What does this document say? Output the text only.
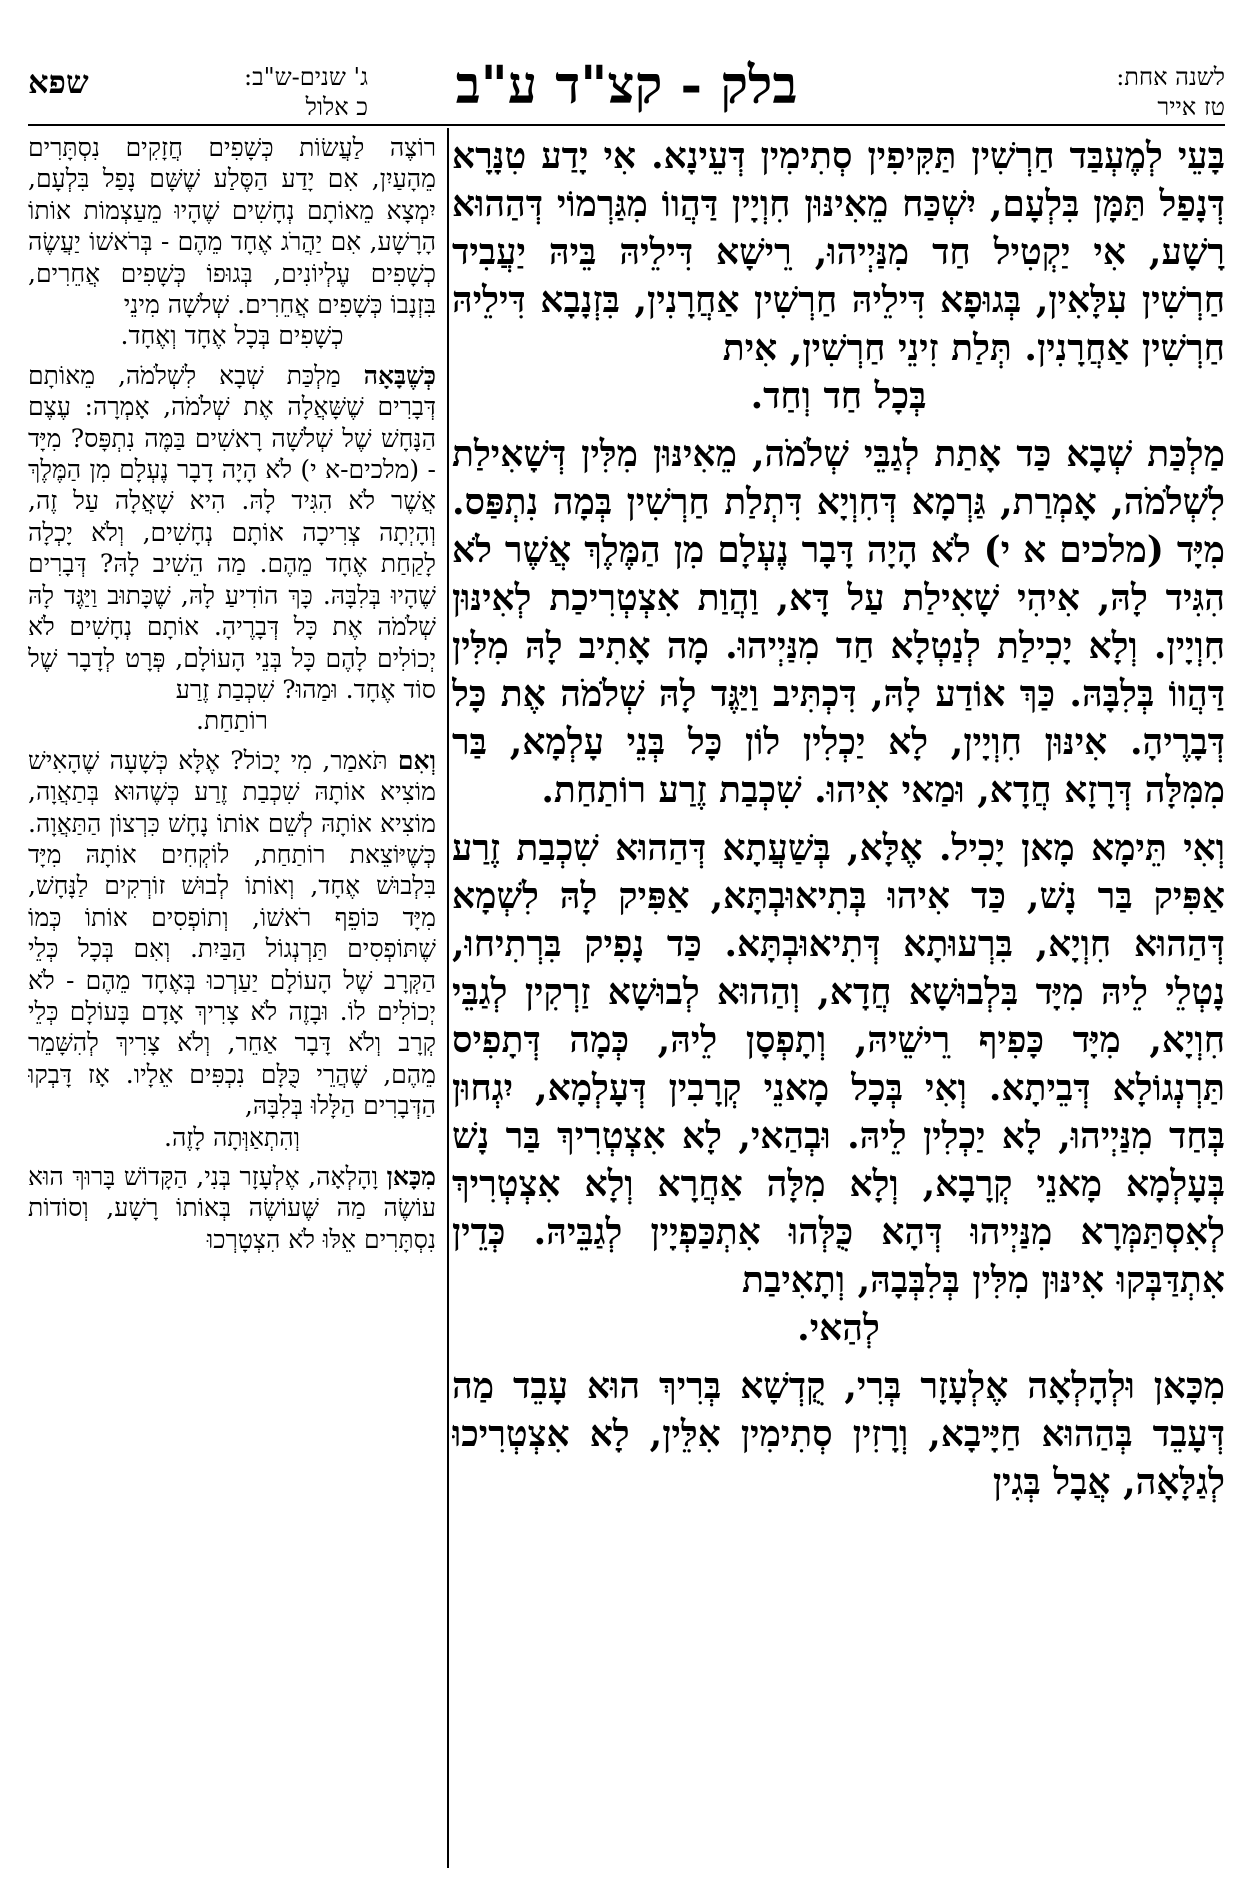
לשנה אחת:
טז אייר
בלק - קצ"ד ע"ב
ג' שנים-ש"ב:
כ אלול
שפא

בָּעֵי לְמֶעְבַּד חַרְשִׁין תַּקִּיפִין סְתִימִין דְּעֵינָא. אִי יָדַע טִנָּרָא דְּנָפַל תַּמָּן בִּלְעָם, יִשְׁכַּח מֵאִינּוּן חִוְיָין דַּהֲווֹ מִגַּרְמוֹי דְּהַהוּא רָשָׁע, אִי יַקְטִיל חַד מִנַּיְיהוּ, רֵישָׁא דִּילֵיהּ בֵּיהּ יַעֲבִיד חַרְשִׁין עִלָּאִין, בְּגוּפָא דִּילֵיהּ חַרְשִׁין אַחֲרָנִין, בִּזְנָבָא דִּילֵיהּ חַרְשִׁין אַחֲרָנִין. תְּלַת זִינֵי חַרְשִׁין, אִית
בְּכָל חַד וְחַד.

מַלְכַּת שְׁבָא כַּד אָתַת לְגַבֵּי שְׁלֹמֹה, מֵאִינּוּן מִלִּין דְּשָׁאִילַת לִשְׁלֹמֹה, אָמְרַת, גַּרְמָא דְּחִוְיָא דִּתְלַת חַרְשִׁין בְּמָה נִתְפַּס. מִיָּד (מלכים א י) לֹא הָיָה דָּבָר נֶעְלָם מִן הַמֶּלֶךְ אֲשֶׁר לֹא הִגִּיד לָהּ, אִיהִי שָׁאִילַת עַל דָּא, וַהֲוַת אִצְטְרִיכַת לְאִינּוּן חִוְיָין. וְלָא יָכִילַת לְנַטְלָא חַד מִנַּיְיהוּ. מָה אָתִיב לָהּ מִלִּין דַּהֲווֹ בְּלִבָּהּ. כַּךְ אוֹדַע לָהּ, דִּכְתִּיב וַיַּגֶּד לָהּ שְׁלֹמֹה אֶת כָּל דְּבָרֶיהָ. אִינּוּן חִוְיָין, לָא יַכְלִין לוֹן כָּל בְּנֵי עָלְמָא, בַּר מִמִּלָּה דְּרָזָא חֲדָא, וּמַאי אִיהוּ. שִׁכְבַת זֶרַע רוֹתַחַת.

וְאִי תֵּימָא מָאן יָכִיל. אֶלָּא, בְּשַׁעֲתָא דְּהַהוּא שִׁכְבַת זֶרַע אַפִּיק בַּר נָשׁ, כַּד אִיהוּ בְּתִיאוּבְתָּא, אַפִּיק לָהּ לִשְׁמָא דְּהַהוּא חִוְיָא, בִּרְעוּתָא דְּתִיאוּבְתָּא. כַּד נָפִיק בִּרְתִיחוּ, נָטְלֵי לֵיהּ מִיָּד בִּלְבוּשָׁא חֲדָא, וְהַהוּא לְבוּשָׁא זַרְקִין לְגַבֵּי חִוְיָא, מִיָּד כָּפִיף רֵישֵׁיהּ, וְתָפְסָן לֵיהּ, כְּמָה דְּתָפִיס תַּרְנְגוֹלָא דְּבֵיתָא. וְאִי בְּכָל מָאנֵי קְרָבִין דְּעָלְמָא, יִגְחוּן בְּחַד מִנַּיְיהוּ, לָא יַכְלִין לֵיהּ. וּבְהַאי, לָא אִצְטְרִיךְ בַּר נָשׁ בְּעָלְמָא מָאנֵי קְרָבָא, וְלָא מִלָּה אַחֲרָא וְלָא אִצְטְרִיךְ לְאִסְתַּמְּרָא מִנַּיְיהוּ דְּהָא כֻּלְּהוּ אִתְכַּפְיָין לְגַבֵּיהּ. כְּדֵין אִתְדַּבְּקוּ אִינּוּן מִלִּין בְּלִבְּבָהּ, וְתָאִיבַת
לְהַאי.

מִכָּאן וּלְהָלְאָה אֶלְעָזָר בְּרִי, קֻדְשָׁא בְּרִיךְ הוּא עָבֵד מַה דְּעָבֵד בְּהַהוּא חַיָּיבָא, וְרָזִין סְתִימִין אִלֵּין, לָא אִצְטְרִיכוּ לְגַלָּאָה, אֲבָל בְּגִין

רוֹצֶה לַעֲשׂוֹת כְּשָׁפִים חֲזָקִים נִסְתָּרִים מֵהָעַיִן, אִם יָדַע הַסֶּלַע שֶׁשָּׁם נָפַל בִּלְעָם, יִמְצָא מֵאוֹתָם נְחָשִׁים שֶׁהָיוּ מֵעַצְמוֹת אוֹתוֹ הָרָשָׁע, אִם יַהֲרֹג אֶחָד מֵהֶם - בְּרֹאשׁוֹ יַעֲשֶׂה כְשָׁפִים עֶלְיוֹנִים, בְּגוּפוֹ כְּשָׁפִים אֲחֵרִים, בִּזְנָבוֹ כְּשָׁפִים אֲחֵרִים. שְׁלֹשָׁה מִינֵי
כְשָׁפִים בְּכָל אֶחָד וְאֶחָד.

כְּשֶׁבָּאָה מַלְכַּת שְׁבָא לִשְׁלֹמֹה, מֵאוֹתָם דְּבָרִים שֶׁשָּׁאֲלָה אֶת שְׁלֹמֹה, אָמְרָה: עֶצֶם הַנָּחָשׁ שֶׁל שְׁלֹשָׁה רָאשִׁים בַּמֶּה נִתְפָּס? מִיָּד - (מלכים-א י) לֹא הָיָה דָבָר נֶעְלָם מִן הַמֶּלֶךְ אֲשֶׁר לֹא הִגִּיד לָהּ. הִיא שָׁאֲלָה עַל זֶה, וְהָיְתָה צְרִיכָה אוֹתָם נְחָשִׁים, וְלֹא יָכְלָה לָקַחַת אֶחָד מֵהֶם. מַה הֵשִׁיב לָהּ? דְּבָרִים שֶׁהָיוּ בְּלִבָּהּ. כָּךְ הוֹדִיעַ לָהּ, שֶׁכָּתוּב וַיַּגֶּד לָהּ שְׁלֹמֹה אֶת כָּל דְּבָרֶיהָ. אוֹתָם נְחָשִׁים לֹא יְכוֹלִים לָהֶם כָּל בְּנֵי הָעוֹלָם, פְּרָט לְדָבָר שֶׁל סוֹד אֶחָד. וּמַהוּ? שִׁכְבַת זֶרַע
רוֹתַחַת.

וְאִם תֹּאמַר, מִי יָכוֹל? אֶלָּא כְּשָׁעָה שֶׁהָאִישׁ מוֹצִיא אוֹתָהּ שִׁכְבַת זֶרַע כְּשֶׁהוּא בְּתַאֲוָה, מוֹצִיא אוֹתָהּ לְשֵׁם אוֹתוֹ נָחָשׁ כִּרְצוֹן הַתַּאֲוָה. כְּשֶׁיּוֹצֵאת רוֹתַחַת, לוֹקְחִים אוֹתָהּ מִיָּד בִּלְבוּשׁ אֶחָד, וְאוֹתוֹ לְבוּשׁ זוֹרְקִים לַנָּחָשׁ, מִיָּד כּוֹפֵף רֹאשׁוֹ, וְתוֹפְסִים אוֹתוֹ כְּמוֹ שֶׁתּוֹפְסִים תַּרְנְגוֹל הַבַּיִת. וְאִם בְּכָל כְּלֵי הַקְּרָב שֶׁל הָעוֹלָם יַעַרְכוּ בְּאֶחָד מֵהֶם - לֹא יְכוֹלִים לוֹ. וּבָזֶה לֹא צָרִיךְ אָדָם בָּעוֹלָם כְּלֵי קְרָב וְלֹא דָּבָר אַחֵר, וְלֹא צָרִיךְ לְהִשָּׁמֵר מֵהֶם, שֶׁהֲרֵי כֻּלָּם נִכְפִּים אֵלָיו. אָז דָּבְקוּ הַדְּבָרִים הַלָּלוּ בְּלִבָּהּ,
וְהִתְאַוְּתָה לָזֶה.

מִכָּאן וָהָלְאָה, אֶלְעָזָר בְּנִי, הַקָּדוֹשׁ בָּרוּךְ הוּא עוֹשֶׂה מַה שֶּׁעוֹשֶׂה בְּאוֹתוֹ רָשָׁע, וְסוֹדוֹת נִסְתָּרִים אֵלּוּ לֹא הִצְטָרְכוּ
